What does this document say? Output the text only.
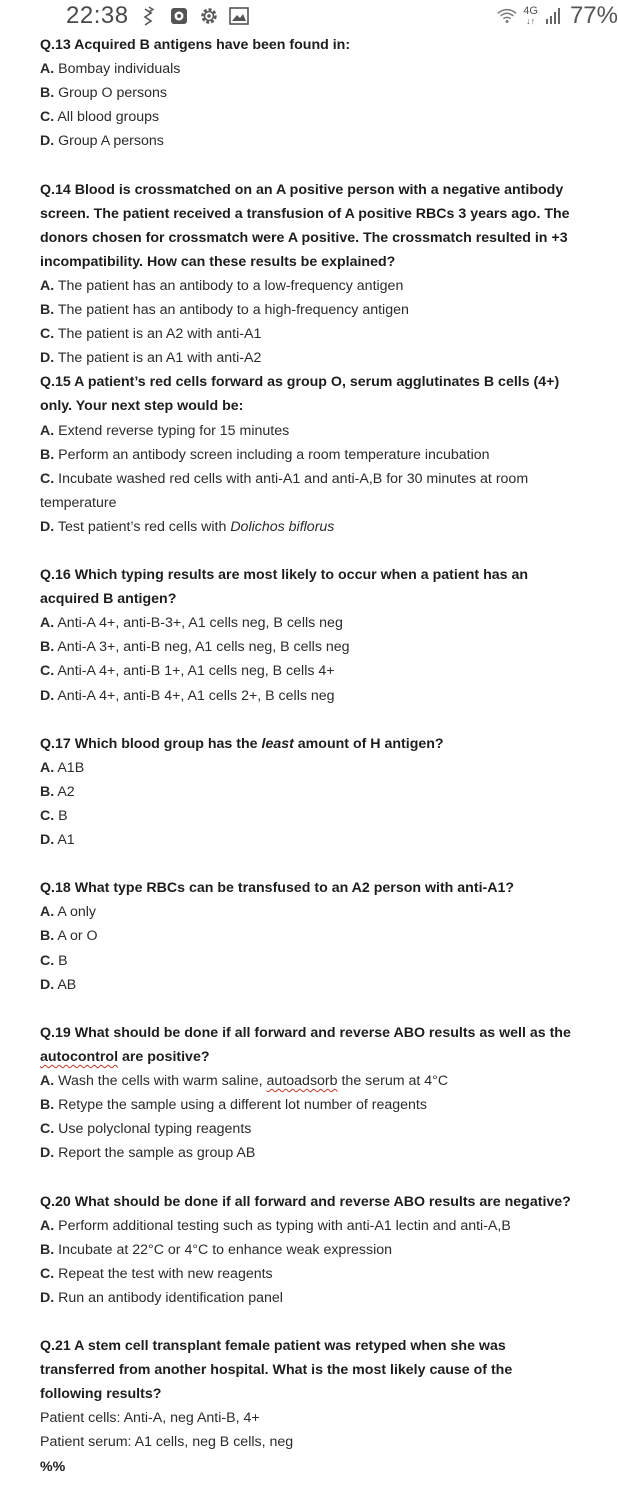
22:38	4G
↓↑ 77%
Q.13 Acquired B antigens have been found in:
A. Bombay individuals
B. Group O persons
C. All blood groups
D. Group A persons
Q.14 Blood is crossmatched on an A positive person with a negative antibody
screen. The patient received a transfusion of A positive RBCs 3 years ago. The
donors chosen for crossmatch were A positive. The crossmatch resulted in +3
incompatibility. How can these results be explained?
A. The patient has an antibody to a low-frequency antigen
B. The patient has an antibody to a high-frequency antigen
C. The patient is an A2 with anti-A1
D. The patient is an A1 with anti-A2
Q.15 A patient’s red cells forward as group O, serum agglutinates B cells (4+)
only. Your next step would be:
A. Extend reverse typing for 15 minutes
B. Perform an antibody screen including a room temperature incubation
C. Incubate washed red cells with anti-A1 and anti-A,B for 30 minutes at room
temperature
D. Test patient’s red cells with Dolichos biflorus
Q.16 Which typing results are most likely to occur when a patient has an
acquired B antigen?
A. Anti-A 4+, anti-B-3+, A1 cells neg, B cells neg
B. Anti-A 3+, anti-B neg, A1 cells neg, B cells neg
C. Anti-A 4+, anti-B 1+, A1 cells neg, B cells 4+
D. Anti-A 4+, anti-B 4+, A1 cells 2+, B cells neg
Q.17 Which blood group has the least amount of H antigen?
A. A1B
B. A2
C. B
D. A1
Q.18 What type RBCs can be transfused to an A2 person with anti-A1?
A. A only
B. A or O
C. B
D. AB
Q.19 What should be done if all forward and reverse ABO results as well as the
autocontrol are positive?
A. Wash the cells with warm saline, autoadsorb the serum at 4°C
B. Retype the sample using a different lot number of reagents
C. Use polyclonal typing reagents
D. Report the sample as group AB
Q.20 What should be done if all forward and reverse ABO results are negative?
A. Perform additional testing such as typing with anti-A1 lectin and anti-A,B
B. Incubate at 22°C or 4°C to enhance weak expression
C. Repeat the test with new reagents
D. Run an antibody identification panel
Q.21 A stem cell transplant female patient was retyped when she was
transferred from another hospital. What is the most likely cause of the
following results?
Patient cells: Anti-A, neg Anti-B, 4+
Patient serum: A1 cells, neg B cells, neg
%%
